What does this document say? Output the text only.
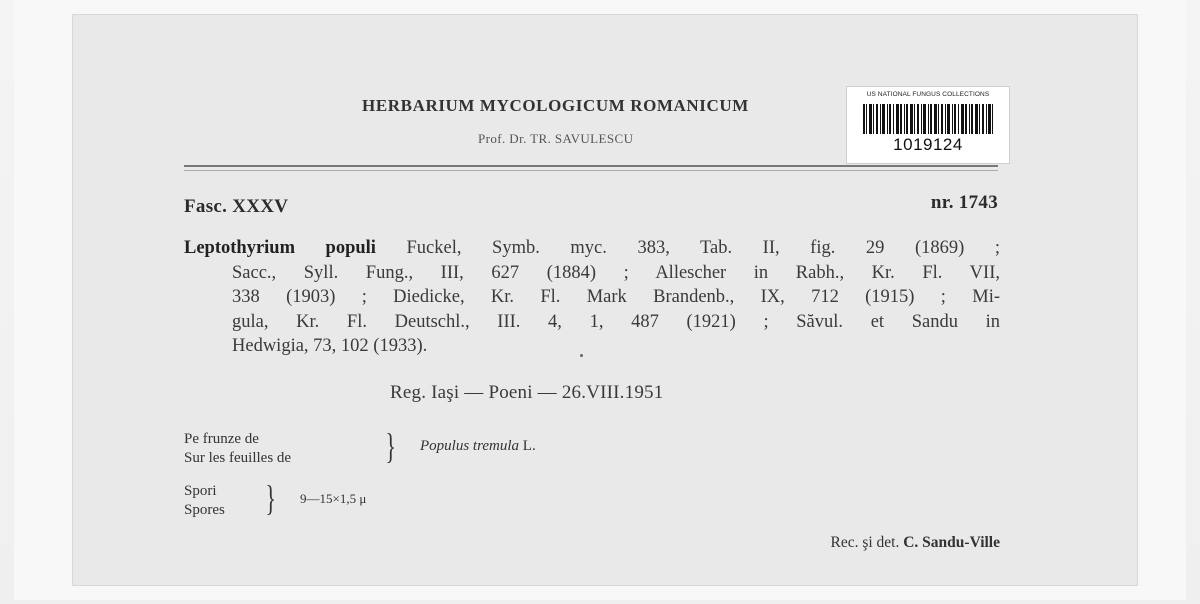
HERBARIUM MYCOLOGICUM ROMANICUM
Prof. Dr. TR. SAVULESCU
US NATIONAL FUNGUS COLLECTIONS
1019124
Fasc. XXXV	nr. 1743
Leptothyrium populi Fuckel, Symb. myc. 383, Tab. II, fig. 29 (1869) ;
Sacc., Syll. Fung., III, 627 (1884) ; Allescher in Rabh., Kr. Fl. VII,
338 (1903) ; Diedicke, Kr. Fl. Mark Brandenb., IX, 712 (1915) ; Mi-
gula, Kr. Fl. Deutschl., III. 4, 1, 487 (1921) ; Săvul. et Sandu in
Hedwigia, 73, 102 (1933).
Reg. Iaşi — Poeni — 26.VIII.1951
Pe frunze de
Sur les feuilles de	} Populus tremula L.
Spori
Spores } 9—15×1,5 μ
Rec. şi det. C. Sandu-Ville
